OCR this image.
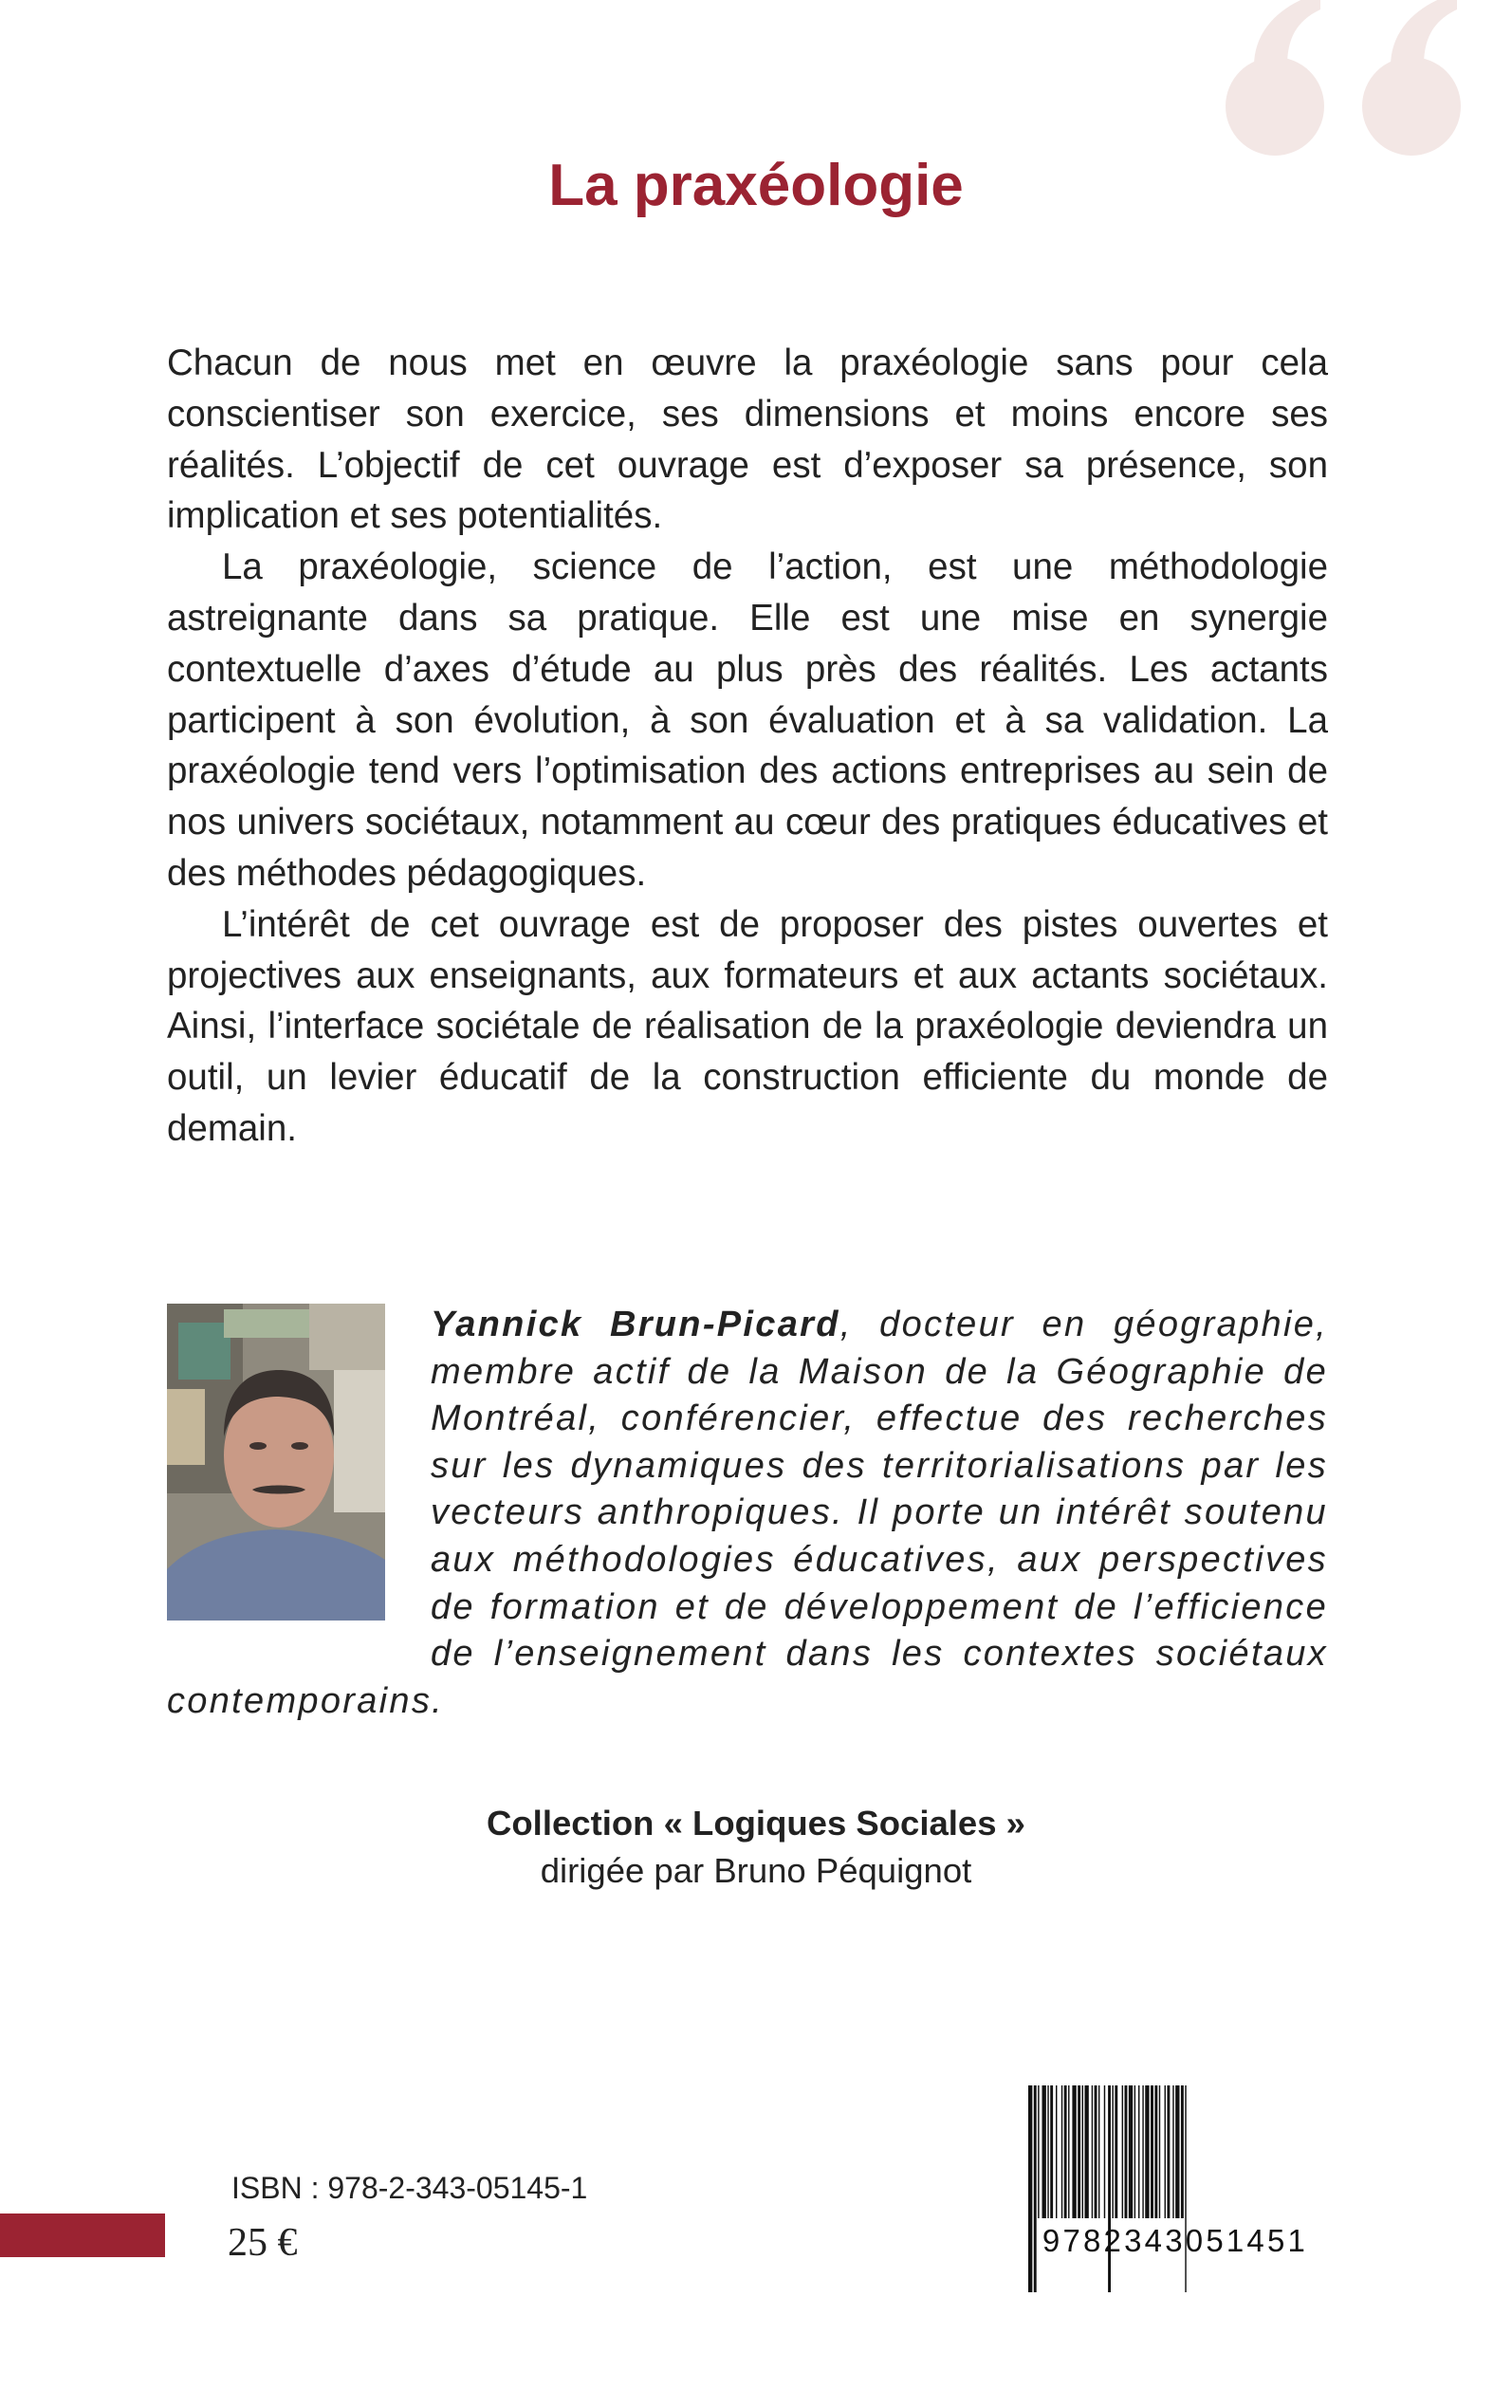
La praxéologie

Chacun de nous met en œuvre la praxéologie sans pour cela conscientiser son exercice, ses dimensions et moins encore ses réalités. L’objectif de cet ouvrage est d’exposer sa présence, son implication et ses potentialités.

La praxéologie, science de l’action, est une méthodologie astreignante dans sa pratique. Elle est une mise en synergie contextuelle d’axes d’étude au plus près des réalités. Les actants participent à son évolution, à son évaluation et à sa validation. La praxéologie tend vers l’optimisation des actions entreprises au sein de nos univers sociétaux, notamment au cœur des pratiques éducatives et des méthodes pédagogiques.

L’intérêt de cet ouvrage est de proposer des pistes ouvertes et projectives aux enseignants, aux formateurs et aux actants sociétaux. Ainsi, l’interface sociétale de réalisation de la praxéologie deviendra un outil, un levier éducatif de la construction efficiente du monde de demain.

Yannick Brun-Picard, docteur en géographie, membre actif de la Maison de la Géographie de Montréal, conférencier, effectue des recherches sur les dynamiques des territorialisations par les vecteurs anthropiques. Il porte un intérêt soutenu aux méthodologies éducatives, aux perspectives de formation et de développement de l’efficience de l’enseignement dans les contextes sociétaux contemporains.

Collection « Logiques Sociales »

dirigée par Bruno Péquignot

ISBN : 978-2-343-05145-1
25 €	9782343051451
